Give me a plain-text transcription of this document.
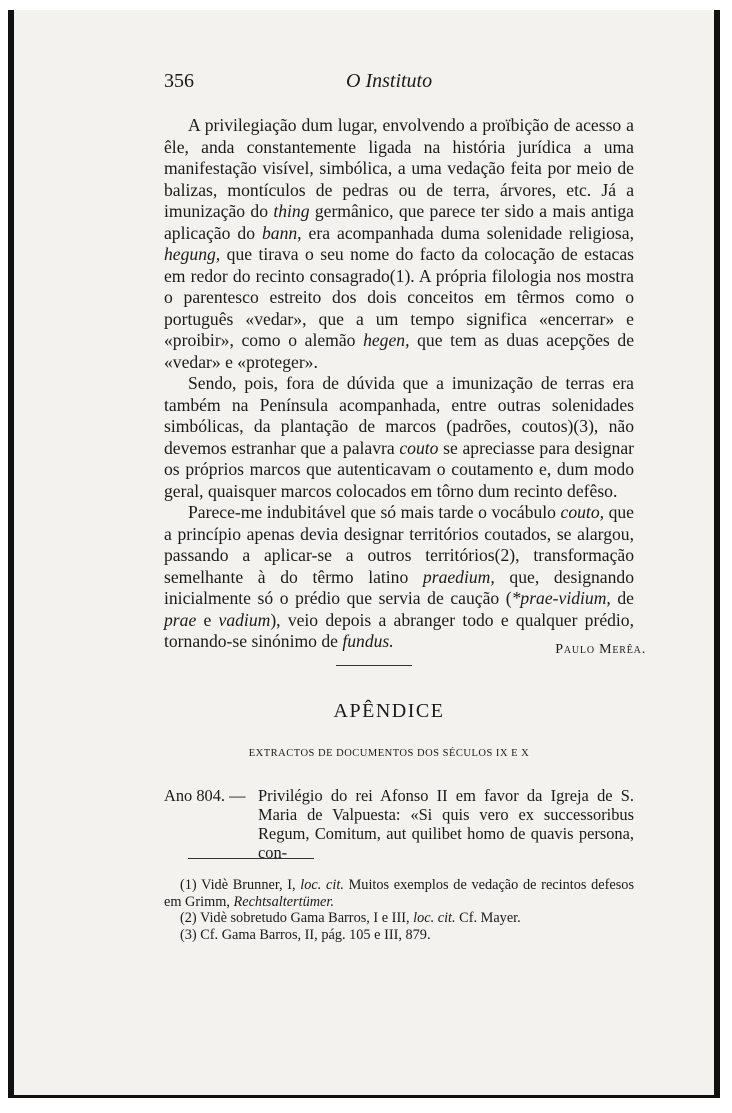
356	O Instituto

A privilegiação dum lugar, envolvendo a proïbição de acesso a êle, anda constantemente ligada na história jurídica a uma manifestação visível, simbólica, a uma vedação feita por meio de balizas, montículos de pedras ou de terra, árvores, etc. Já a imunização do thing germânico, que parece ter sido a mais antiga aplicação do bann, era acompanhada duma solenidade religiosa, hegung, que tirava o seu nome do facto da colocação de estacas em redor do recinto consagrado(1). A própria filologia nos mostra o parentesco estreito dos dois conceitos em têrmos como o português «vedar», que a um tempo significa «encerrar» e «proibir», como o alemão hegen, que tem as duas acepções de «vedar» e «proteger».

Sendo, pois, fora de dúvida que a imunização de terras era também na Península acompanhada, entre outras solenidades simbólicas, da plantação de marcos (padrões, coutos)(3), não devemos estranhar que a palavra couto se apreciasse para designar os próprios marcos que autenticavam o coutamento e, dum modo geral, quaisquer marcos colocados em tôrno dum recinto defêso.

Parece-me indubitável que só mais tarde o vocábulo couto, que a princípio apenas devia designar territórios coutados, se alargou, passando a aplicar-se a outros territórios(2), transformação semelhante à do têrmo latino praedium, que, designando inicialmente só o prédio que servia de caução (*prae-vidium, de prae e vadium), veio depois a abranger todo e qualquer prédio, tornando-se sinónimo de fundus.	Paulo Merêa.
APÊNDICE
EXTRACTOS DE DOCUMENTOS DOS SÉCULOS IX E X
Ano 804. — Privilégio do rei Afonso II em favor da Igreja de S. Maria de Valpuesta: «Si quis vero ex successoribus Regum, Comitum, aut quilibet homo de quavis persona, con-

(1) Vidè Brunner, I, loc. cit. Muitos exemplos de vedação de recintos defesos em Grimm, Rechtsaltertümer.

(2) Vidè sobretudo Gama Barros, I e III, loc. cit. Cf. Mayer.

(3) Cf. Gama Barros, II, pág. 105 e III, 879.
